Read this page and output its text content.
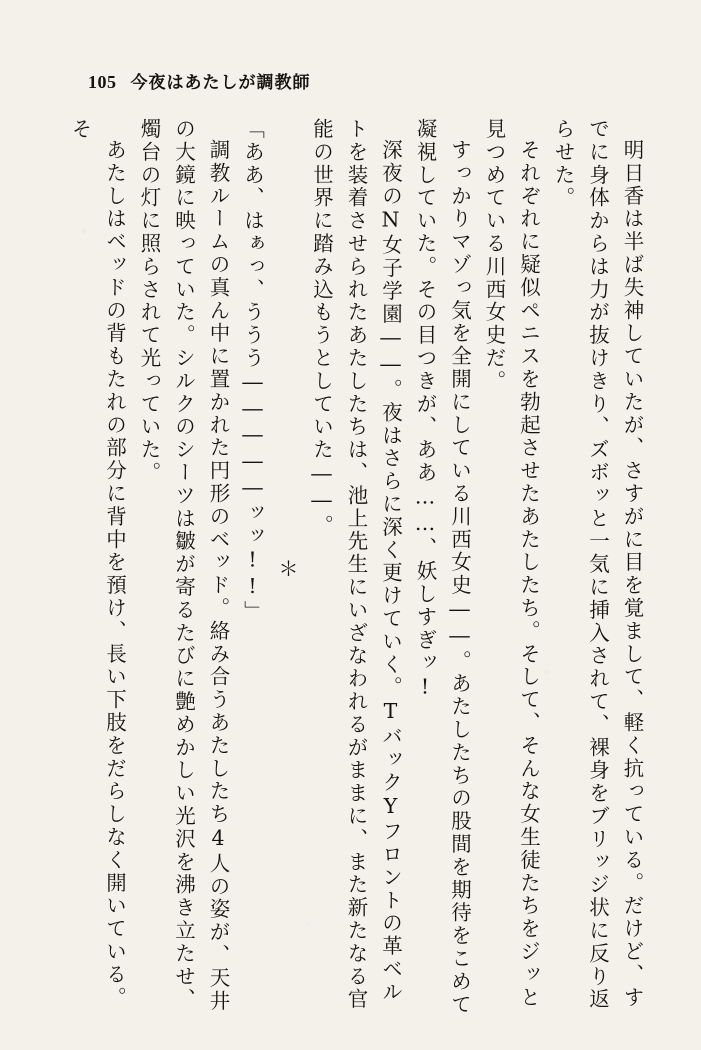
105 今夜はあたしが調教師

明日香は半ば失神していたが、さすがに目を覚まして、軽く抗っている。だけど、すでに身体からは力が抜けきり、ズボッと一気に挿入されて、裸身をブリッジ状に反り返らせた。

それぞれに疑似ペニスを勃起させたあたしたち。そして、そんな女生徒たちをジッと見つめている川西女史だ。

すっかりマゾっ気を全開にしている川西女史――。あたしたちの股間を期待をこめて凝視していた。その目つきが、ああ……、妖しすぎッ!

深夜のN女子学園――。夜はさらに深く更けていく。TバックYフロントの革ベルトを装着させられたあたしたちは、池上先生にいざなわれるがままに、また新たなる官能の世界に踏み込もうとしていた――。

＊

「ああ、はぁっ、ううう―――――ッッ!!」

調教ルームの真ん中に置かれた円形のベッド。絡み合うあたしたち4人の姿が、天井の大鏡に映っていた。シルクのシーツは皺が寄るたびに艶めかしい光沢を沸き立たせ、燭台の灯に照らされて光っていた。

あたしはベッドの背もたれの部分に背中を預け、長い下肢をだらしなく開いている。そ
